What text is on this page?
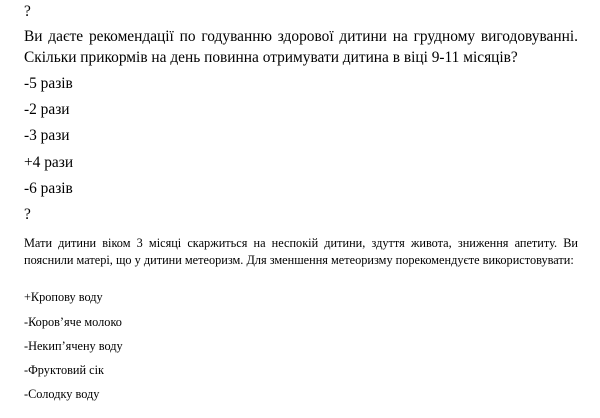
?
Ви даєте рекомендації по годуванню здорової дитини на грудному вигодовуванні. Скільки прикормів на день повинна отримувати дитина в віці 9-11 місяців?
-5 разів
-2 рази
-3 рази
+4 рази
-6 разів
?
Мати дитини віком 3 місяці скаржиться на неспокій дитини, здуття живота, зниження апетиту. Ви пояснили матері, що у дитини метеоризм. Для зменшення метеоризму порекомендуєте використовувати:
+Кропову воду
-Коров’яче молоко
-Некип’ячену воду
-Фруктовий сік
-Солодку воду
